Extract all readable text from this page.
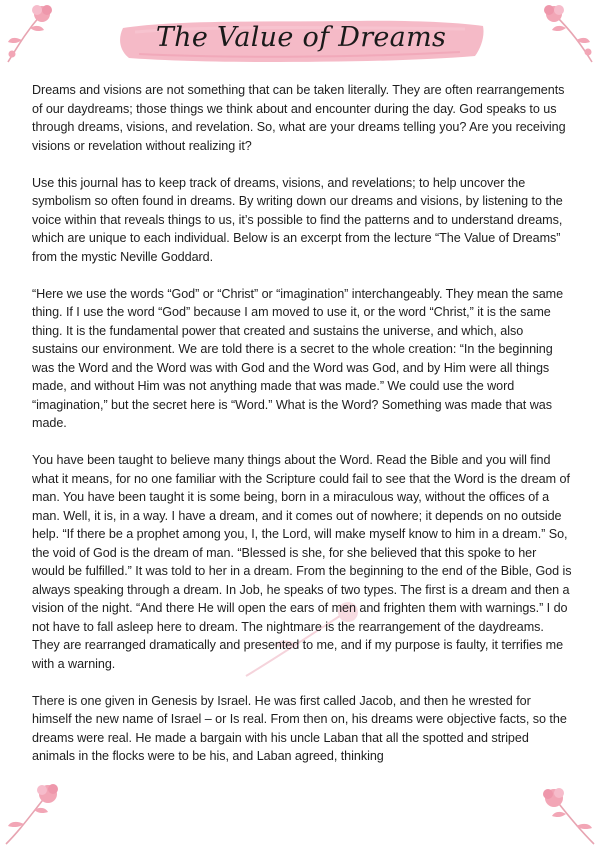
The Value of Dreams

Dreams and visions are not something that can be taken literally. They are often rearrangements of our daydreams; those things we think about and encounter during the day. God speaks to us through dreams, visions, and revelation. So, what are your dreams telling you? Are you receiving visions or revelation without realizing it?

Use this journal has to keep track of dreams, visions, and revelations; to help uncover the symbolism so often found in dreams. By writing down our dreams and visions, by listening to the voice within that reveals things to us, it’s possible to find the patterns and to understand dreams, which are unique to each individual. Below is an excerpt from the lecture “The Value of Dreams” from the mystic Neville Goddard.

“Here we use the words “God” or “Christ” or “imagination” interchangeably. They mean the same thing. If I use the word “God” because I am moved to use it, or the word “Christ,” it is the same thing. It is the fundamental power that created and sustains the universe, and which, also sustains our environment. We are told there is a secret to the whole creation: “In the beginning was the Word and the Word was with God and the Word was God, and by Him were all things made, and without Him was not anything made that was made.” We could use the word “imagination,” but the secret here is “Word.” What is the Word? Something was made that was made.

You have been taught to believe many things about the Word. Read the Bible and you will find what it means, for no one familiar with the Scripture could fail to see that the Word is the dream of man. You have been taught it is some being, born in a miraculous way, without the offices of a man. Well, it is, in a way. I have a dream, and it comes out of nowhere; it depends on no outside help. “If there be a prophet among you, I, the Lord, will make myself know to him in a dream.” So, the void of God is the dream of man. “Blessed is she, for she believed that this spoke to her would be fulfilled.” It was told to her in a dream. From the beginning to the end of the Bible, God is always speaking through a dream. In Job, he speaks of two types. The first is a dream and then a vision of the night. “And there He will open the ears of men and frighten them with warnings.” I do not have to fall asleep here to dream. The nightmare is the rearrangement of the daydreams. They are rearranged dramatically and presented to me, and if my purpose is faulty, it terrifies me with a warning.

There is one given in Genesis by Israel. He was first called Jacob, and then he wrested for himself the new name of Israel – or Is real. From then on, his dreams were objective facts, so the dreams were real. He made a bargain with his uncle Laban that all the spotted and striped animals in the flocks were to be his, and Laban agreed, thinking
